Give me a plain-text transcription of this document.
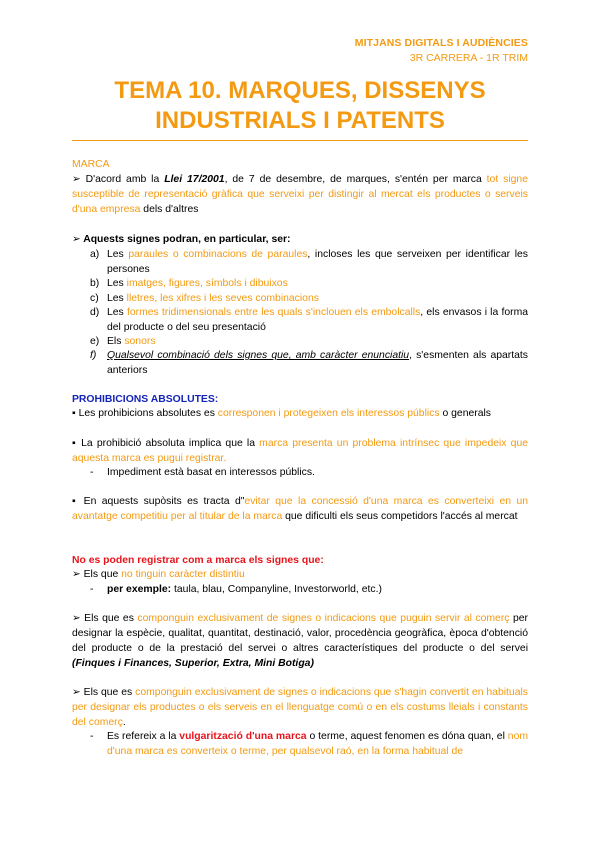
MITJANS DIGITALS I AUDIÈNCIES
3R CARRERA - 1R TRIM
TEMA 10. MARQUES, DISSENYS
INDUSTRIALS I PATENTS
MARCA
➢ D'acord amb la Llei 17/2001, de 7 de desembre, de marques, s'entén per marca tot signe susceptible de representació gràfica que serveixi per distingir al mercat els productes o serveis d'una empresa dels d'altres
➢ Aquests signes podran, en particular, ser:
a) Les paraules o combinacions de paraules, incloses les que serveixen per identificar les persones
b) Les imatges, figures, símbols i dibuixos
c) Les lletres, les xifres i les seves combinacions
d) Les formes tridimensionals entre les quals s'inclouen els embolcalls, els envasos i la forma del producte o del seu presentació
e) Els sonors
f) Qualsevol combinació dels signes que, amb caràcter enunciatiu, s'esmenten als apartats anteriors
PROHIBICIONS ABSOLUTES:
▪ Les prohibicions absolutes es corresponen i protegeixen els interessos públics o generals
▪ La prohibició absoluta implica que la marca presenta un problema intrínsec que impedeix que aquesta marca es pugui registrar.
- Impediment està basat en interessos públics.
▪ En aquests supòsits es tracta d"evitar que la concessió d'una marca es converteixi en un avantatge competitiu per al titular de la marca que dificulti els seus competidors l'accés al mercat
No es poden registrar com a marca els signes que:
➢ Els que no tinguin caràcter distintiu
- per exemple: taula, blau, Companyline, Investorworld, etc.)
➢ Els que es componguin exclusivament de signes o indicacions que puguin servir al comerç per designar la espècie, qualitat, quantitat, destinació, valor, procedència geogràfica, època d'obtenció del producte o de la prestació del servei o altres característiques del producte o del servei (Finques i Finances, Superior, Extra, Mini Botiga)
➢ Els que es componguin exclusivament de signes o indicacions que s'hagin convertit en habituals per designar els productes o els serveis en el llenguatge comú o en els costums lleials i constants del comerç.
- Es refereix a la vulgarització d'una marca o terme, aquest fenomen es dóna quan, el nom d'una marca es converteix o terme, per qualsevol raó, en la forma habitual de
